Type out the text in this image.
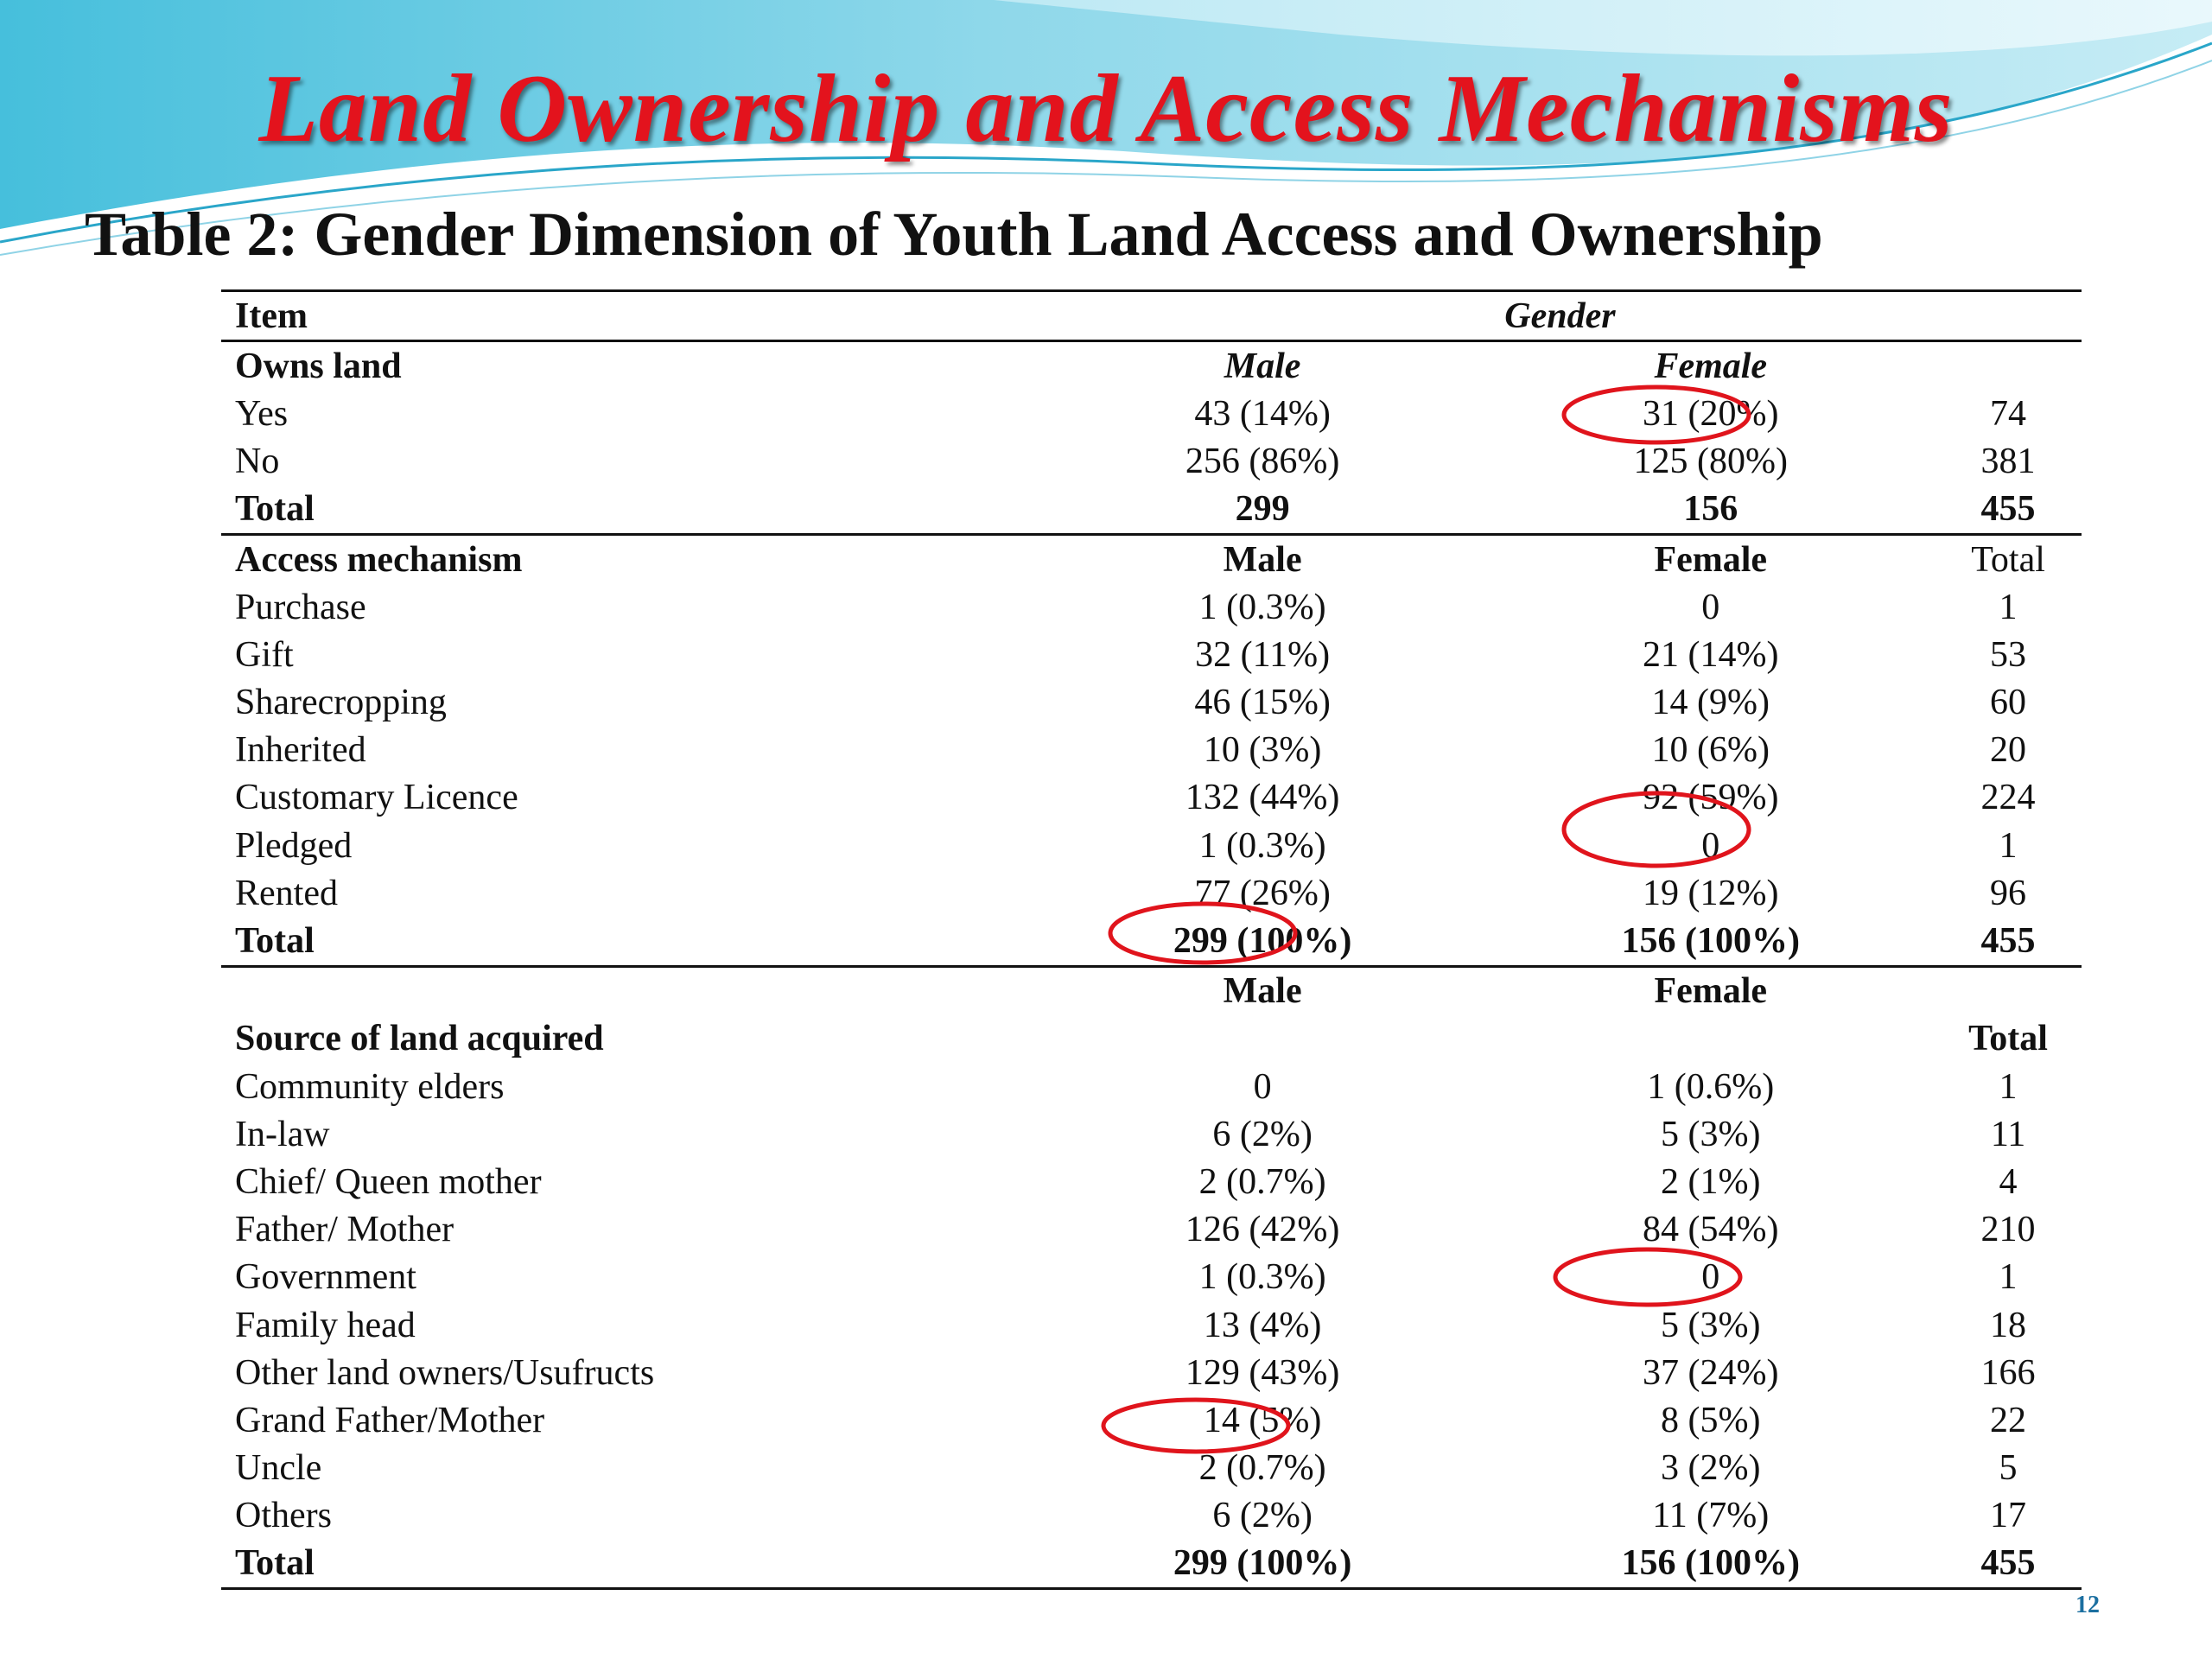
Land Ownership and Access Mechanisms
Table 2: Gender Dimension of Youth Land Access and Ownership
Item	Gender		
Owns land	Male	Female	
Yes	43 (14%)	31 (20%)	74
No	256 (86%)	125 (80%)	381
Total	299	156	455
Access mechanism	Male	Female	Total
Purchase	1 (0.3%)	0	1
Gift	32 (11%)	21 (14%)	53
Sharecropping	46 (15%)	14 (9%)	60
Inherited	10 (3%)	10 (6%)	20
Customary Licence	132 (44%)	92 (59%)	224
Pledged	1 (0.3%)	0	1
Rented	77 (26%)	19 (12%)	96
Total	299 (100%)	156 (100%)	455
	Male	Female	
Source of land acquired			Total
Community elders	0	1 (0.6%)	1
In-law	6 (2%)	5 (3%)	11
Chief/ Queen mother	2 (0.7%)	2 (1%)	4
Father/ Mother	126 (42%)	84 (54%)	210
Government	1 (0.3%)	0	1
Family head	13 (4%)	5 (3%)	18
Other land owners/Usufructs	129 (43%)	37 (24%)	166
Grand Father/Mother	14 (5%)	8 (5%)	22
Uncle	2 (0.7%)	3 (2%)	5
Others	6 (2%)	11 (7%)	17
Total	299 (100%)	156 (100%)	455
12
